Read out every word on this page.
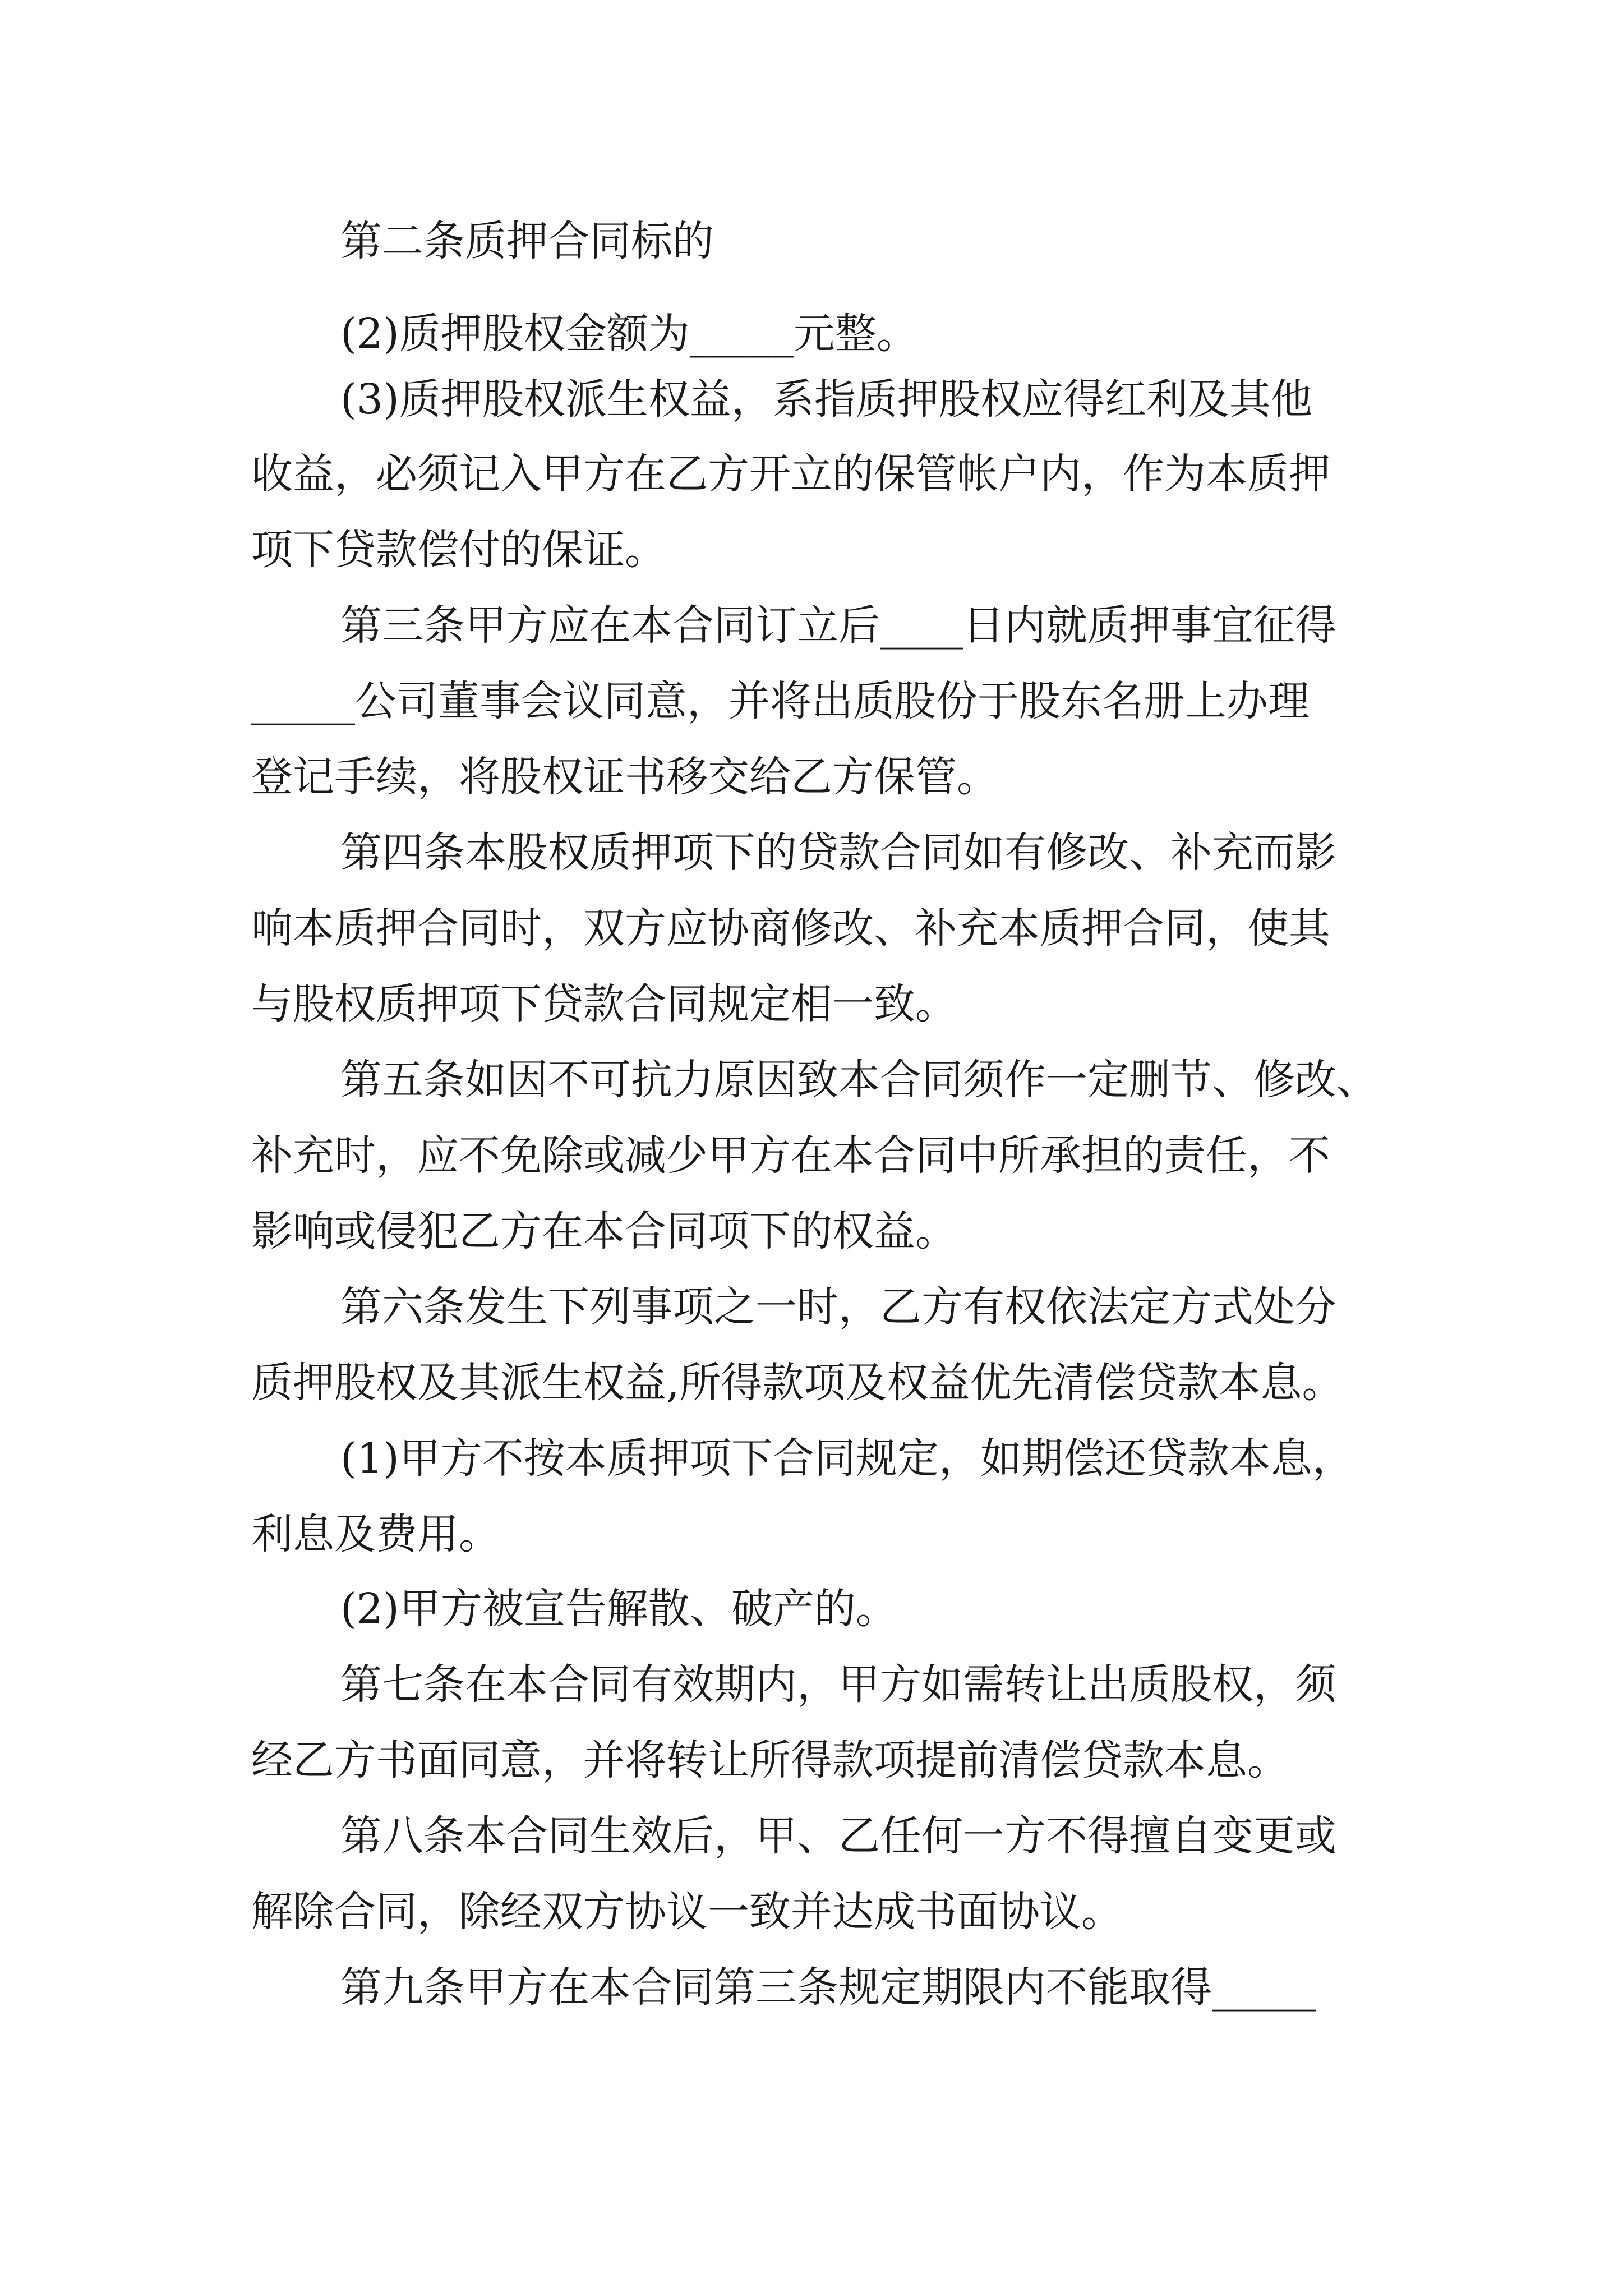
第二条质押合同标的

(2)质押股权金额为_____元整。

(3)质押股权派生权益，系指质押股权应得红利及其他

收益，必须记入甲方在乙方开立的保管帐户内，作为本质押

项下贷款偿付的保证。

第三条甲方应在本合同订立后____日内就质押事宜征得

_____公司董事会议同意，并将出质股份于股东名册上办理

登记手续，将股权证书移交给乙方保管。

第四条本股权质押项下的贷款合同如有修改、补充而影

响本质押合同时，双方应协商修改、补充本质押合同，使其

与股权质押项下贷款合同规定相一致。

第五条如因不可抗力原因致本合同须作一定删节、修改、

补充时，应不免除或减少甲方在本合同中所承担的责任，不

影响或侵犯乙方在本合同项下的权益。

第六条发生下列事项之一时，乙方有权依法定方式处分

质押股权及其派生权益,所得款项及权益优先清偿贷款本息。

(1)甲方不按本质押项下合同规定，如期偿还贷款本息，

利息及费用。

(2)甲方被宣告解散、破产的。

第七条在本合同有效期内，甲方如需转让出质股权，须

经乙方书面同意，并将转让所得款项提前清偿贷款本息。

第八条本合同生效后，甲、乙任何一方不得擅自变更或

解除合同，除经双方协议一致并达成书面协议。

第九条甲方在本合同第三条规定期限内不能取得_____
